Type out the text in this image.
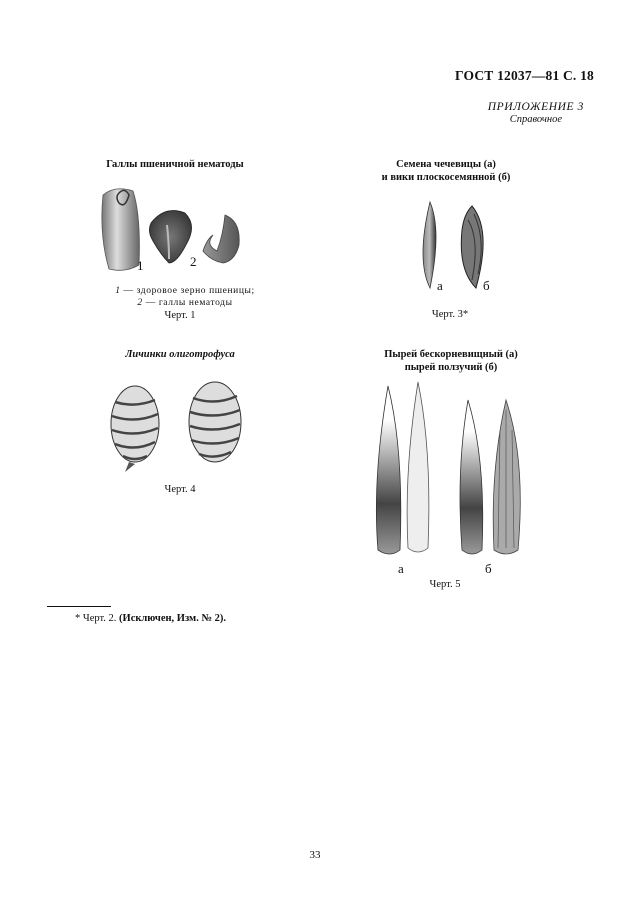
ГОСТ 12037—81 С. 18
ПРИЛОЖЕНИЕ 3
Справочное
Галлы пшеничной нематоды
1	2
1 — здоровое зерно пшеницы;
2 — галлы нематоды
Черт. 1
Семена чечевицы (а)
и вики плоскосемянной (б)
а	б
Черт. 3*
Личинки олиготрофуса
Черт. 4
Пырей бескорневищный (а)
пырей ползучий (б)
а	б
Черт. 5
* Черт. 2. (Исключен, Изм. № 2).
33
